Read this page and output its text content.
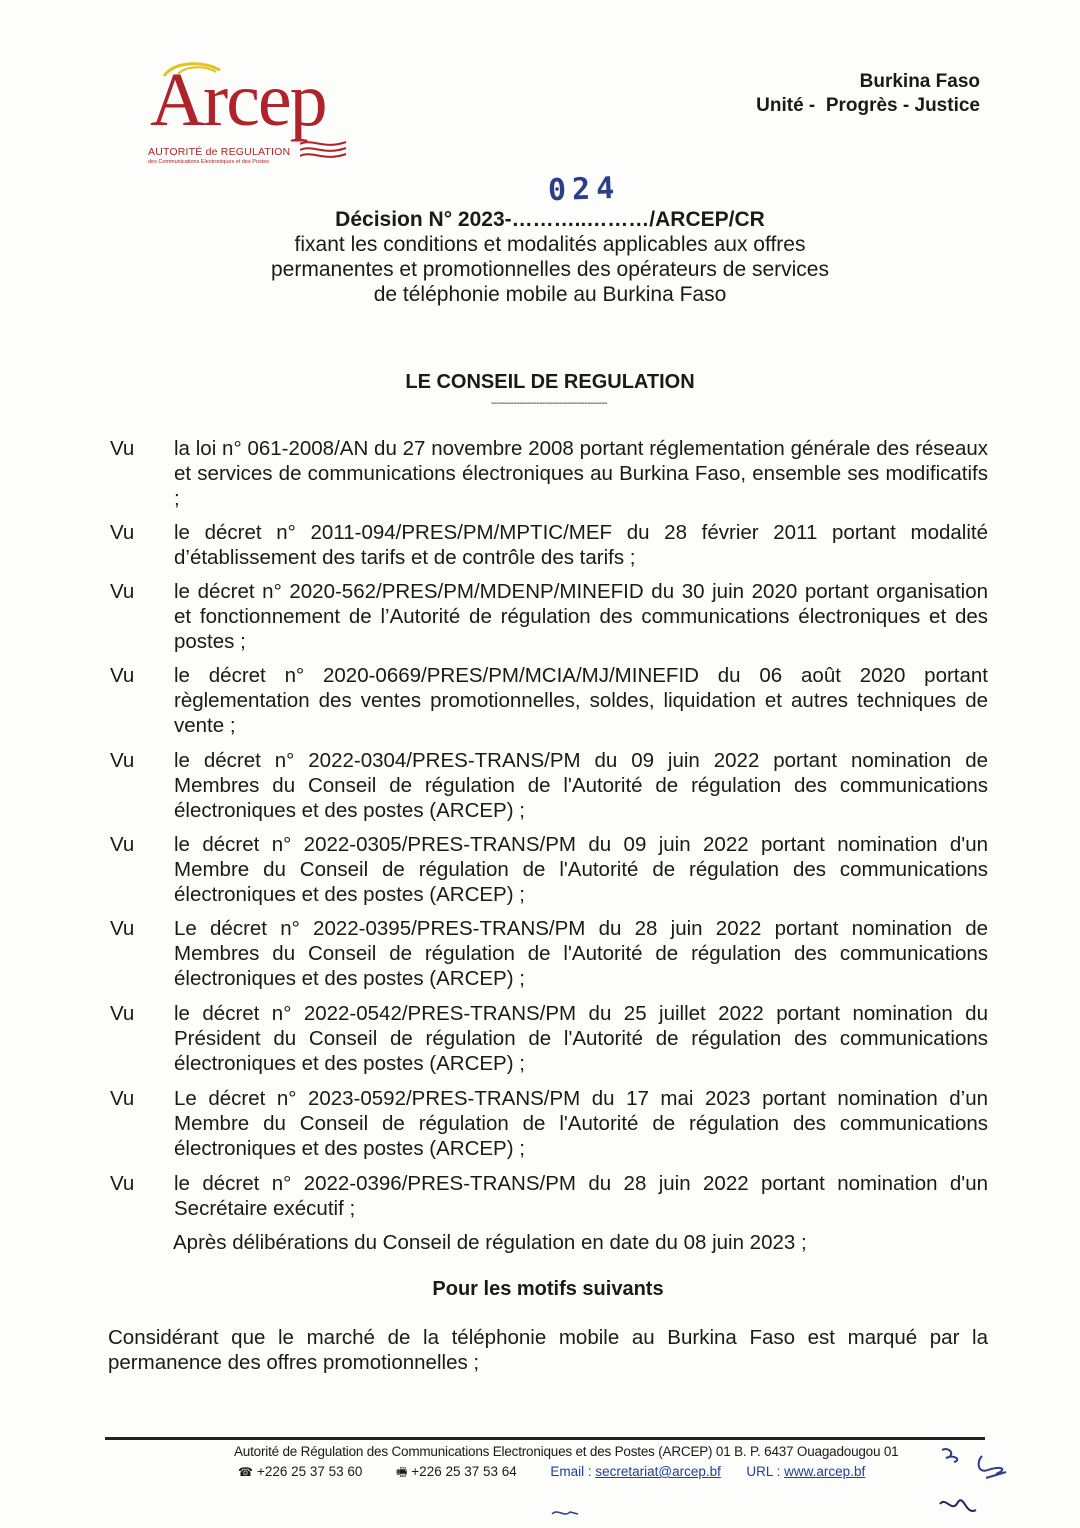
Arcep
AUTORITÉ de REGULATION
des Communications Electroniques et des Postes
Burkina Faso
Unité -  Progrès - Justice
024
Décision N° 2023-………..………/ARCEP/CR
fixant les conditions et modalités applicables aux offres
permanentes et promotionnelles des opérateurs de services
de téléphonie mobile au Burkina Faso
LE CONSEIL DE REGULATION
-----------------------------------------
Vu	la loi n° 061-2008/AN du 27 novembre 2008 portant réglementation générale des réseaux et services de communications électroniques au Burkina Faso, ensemble ses modificatifs ;
Vu	le décret n° 2011-094/PRES/PM/MPTIC/MEF du 28 février 2011 portant modalité d’établissement des tarifs et de contrôle des tarifs ;
Vu	le décret n° 2020-562/PRES/PM/MDENP/MINEFID du 30 juin 2020 portant organisation et fonctionnement de l’Autorité de régulation des communications électroniques et des postes ;
Vu	le décret n° 2020-0669/PRES/PM/MCIA/MJ/MINEFID du 06 août 2020 portant règlementation des ventes promotionnelles, soldes, liquidation et autres techniques de vente ;
Vu	le décret n° 2022-0304/PRES-TRANS/PM du 09 juin 2022 portant nomination de Membres du Conseil de régulation de l'Autorité de régulation des communications électroniques et des postes (ARCEP) ;
Vu	le décret n° 2022-0305/PRES-TRANS/PM du 09 juin 2022 portant nomination d'un Membre du Conseil de régulation de l'Autorité de régulation des communications électroniques et des postes (ARCEP) ;
Vu	Le décret n° 2022-0395/PRES-TRANS/PM du 28 juin 2022 portant nomination de Membres du Conseil de régulation de l'Autorité de régulation des communications électroniques et des postes (ARCEP) ;
Vu	le décret n° 2022-0542/PRES-TRANS/PM du 25 juillet 2022 portant nomination du Président du Conseil de régulation de l'Autorité de régulation des communications électroniques et des postes (ARCEP) ;
Vu	Le décret n° 2023-0592/PRES-TRANS/PM du 17 mai 2023 portant nomination d’un Membre du Conseil de régulation de l'Autorité de régulation des communications électroniques et des postes (ARCEP) ;
Vu	le décret n° 2022-0396/PRES-TRANS/PM du 28 juin 2022 portant nomination d'un Secrétaire exécutif ;
Après délibérations du Conseil de régulation en date du 08 juin 2023 ;
Pour les motifs suivants
Considérant que le marché de la téléphonie mobile au Burkina Faso est marqué par la permanence des offres promotionnelles ;
Autorité de Régulation des Communications Electroniques et des Postes (ARCEP) 01 B. P. 6437 Ouagadougou 01
☎ +226 25 37 53 60	🖷 +226 25 37 53 64 Email : secretariat@arcep.bf URL : www.arcep.bf
